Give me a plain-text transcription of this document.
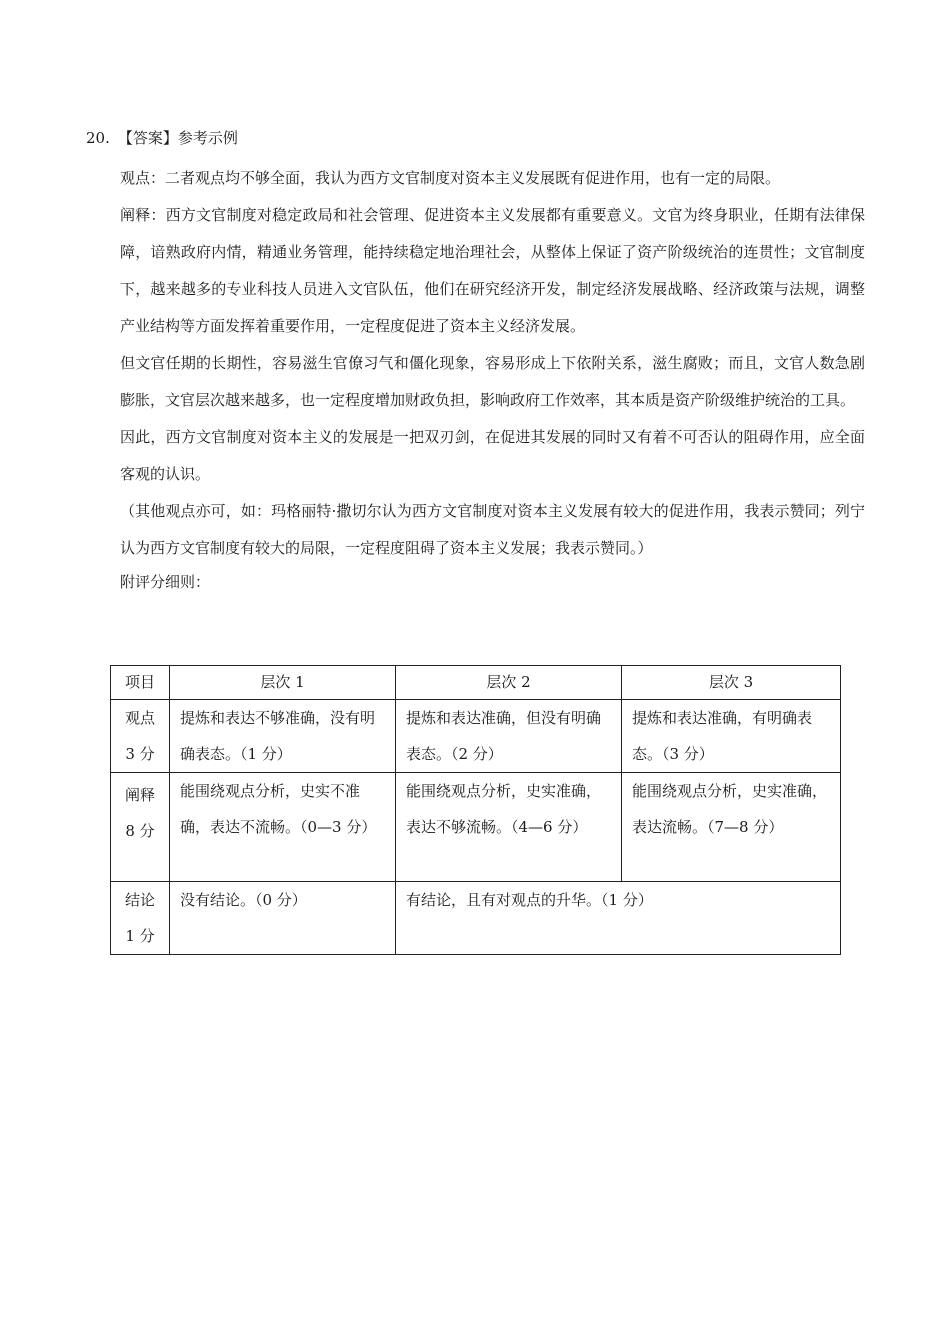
20. 【答案】参考示例

观点：二者观点均不够全面，我认为西方文官制度对资本主义发展既有促进作用，也有一定的局限。

阐释：西方文官制度对稳定政局和社会管理、促进资本主义发展都有重要意义。文官为终身职业，任期有法律保障，谙熟政府内情，精通业务管理，能持续稳定地治理社会，从整体上保证了资产阶级统治的连贯性；文官制度下，越来越多的专业科技人员进入文官队伍，他们在研究经济开发，制定经济发展战略、经济政策与法规，调整产业结构等方面发挥着重要作用，一定程度促进了资本主义经济发展。

但文官任期的长期性，容易滋生官僚习气和僵化现象，容易形成上下依附关系，滋生腐败；而且，文官人数急剧膨胀，文官层次越来越多，也一定程度增加财政负担，影响政府工作效率，其本质是资产阶级维护统治的工具。

因此，西方文官制度对资本主义的发展是一把双刃剑，在促进其发展的同时又有着不可否认的阻碍作用，应全面客观的认识。

（其他观点亦可，如：玛格丽特·撒切尔认为西方文官制度对资本主义发展有较大的促进作用，我表示赞同；列宁认为西方文官制度有较大的局限，一定程度阻碍了资本主义发展；我表示赞同。）

附评分细则：

项目	层次 1	层次 2	层次 3

观点
3 分	提炼和表达不够准确，没有明确表态。（1 分）	提炼和表达准确，但没有明确表态。（2 分）	提炼和表达准确，有明确表态。（3 分）

阐释
8 分	能围绕观点分析，史实不准确，表达不流畅。（0—3 分）	能围绕观点分析，史实准确，表达不够流畅。（4—6 分）	能围绕观点分析，史实准确，表达流畅。（7—8 分）

结论
1 分	没有结论。（0 分）	有结论，且有对观点的升华。（1 分）	
